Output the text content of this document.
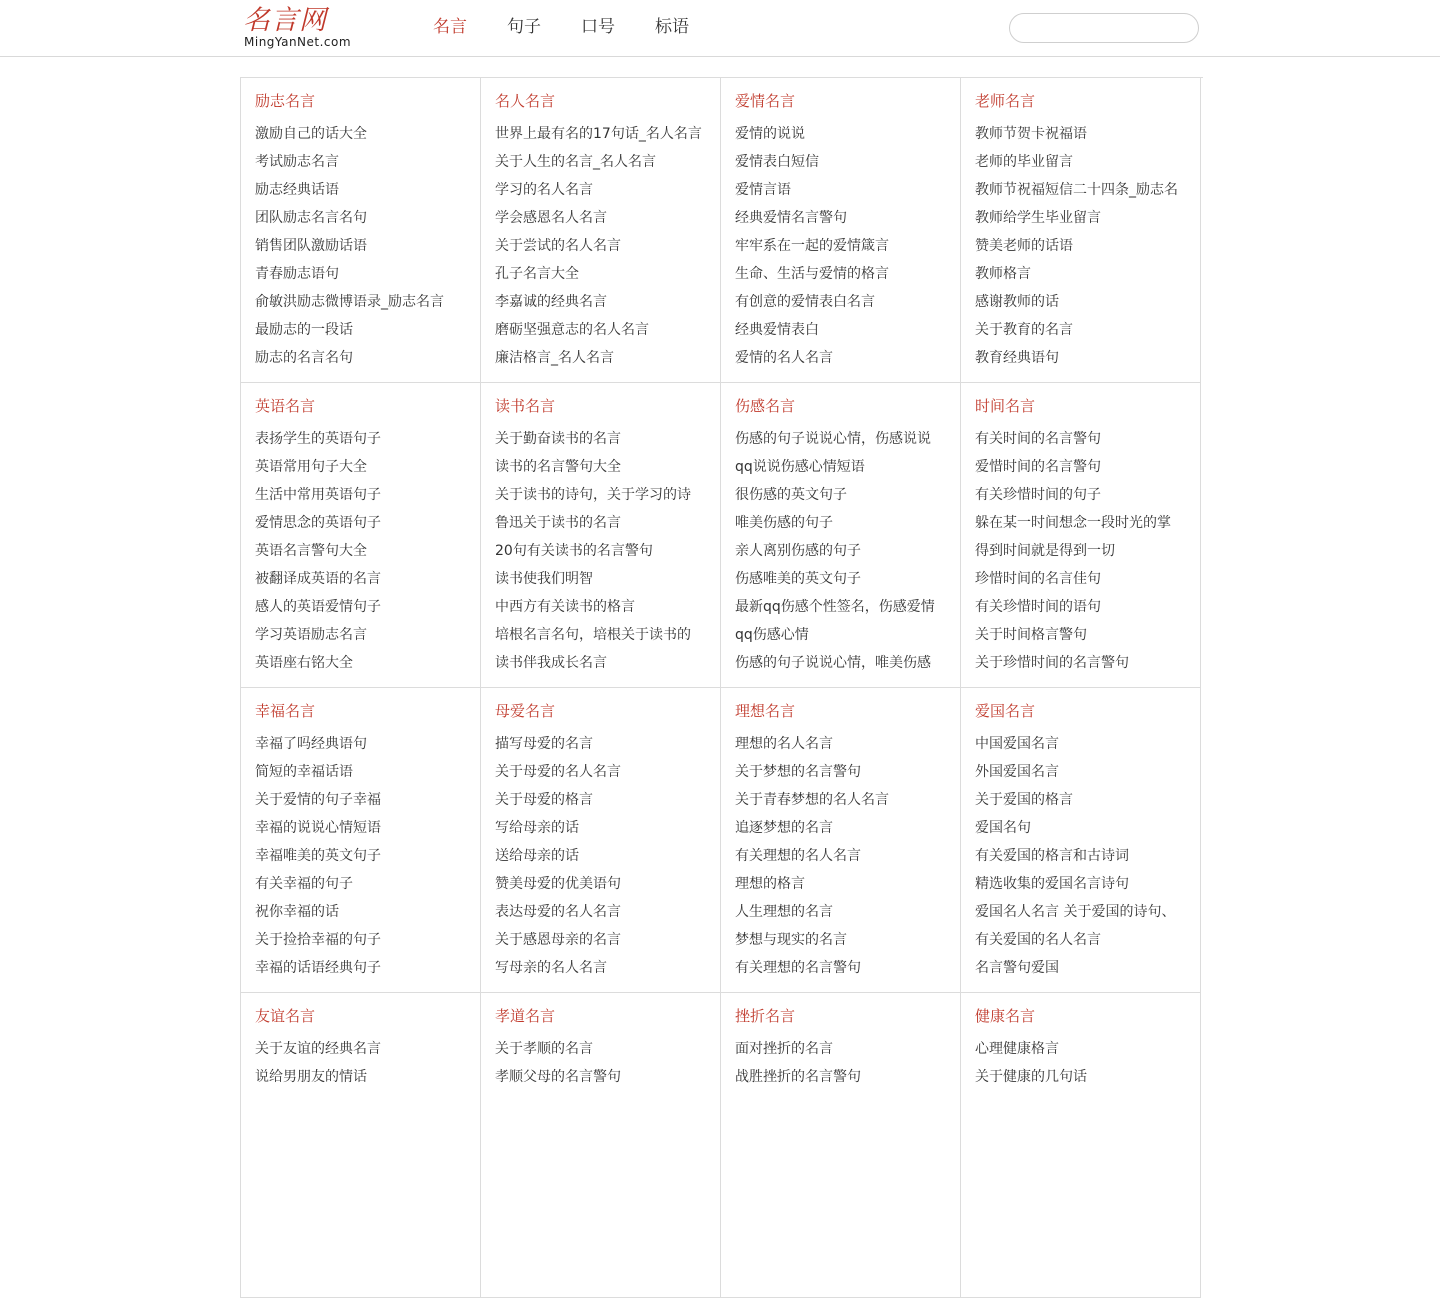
名言网
MingYanNet.com
名言 句子 口号 标语
励志名言
激励自己的话大全
考试励志名言
励志经典话语
团队励志名言名句
销售团队激励话语
青春励志语句
俞敏洪励志微博语录_励志名言
最励志的一段话
励志的名言名句
名人名言
世界上最有名的17句话_名人名言
关于人生的名言_名人名言
学习的名人名言
学会感恩名人名言
关于尝试的名人名言
孔子名言大全
李嘉诚的经典名言
磨砺坚强意志的名人名言
廉洁格言_名人名言
爱情名言
爱情的说说
爱情表白短信
爱情言语
经典爱情名言警句
牢牢系在一起的爱情箴言
生命、生活与爱情的格言
有创意的爱情表白名言
经典爱情表白
爱情的名人名言
老师名言
教师节贺卡祝福语
老师的毕业留言
教师节祝福短信二十四条_励志名
教师给学生毕业留言
赞美老师的话语
教师格言
感谢教师的话
关于教育的名言
教育经典语句
英语名言
表扬学生的英语句子
英语常用句子大全
生活中常用英语句子
爱情思念的英语句子
英语名言警句大全
被翻译成英语的名言
感人的英语爱情句子
学习英语励志名言
英语座右铭大全
读书名言
关于勤奋读书的名言
读书的名言警句大全
关于读书的诗句，关于学习的诗
鲁迅关于读书的名言
20句有关读书的名言警句
读书使我们明智
中西方有关读书的格言
培根名言名句，培根关于读书的
读书伴我成长名言
伤感名言
伤感的句子说说心情，伤感说说
qq说说伤感心情短语
很伤感的英文句子
唯美伤感的句子
亲人离别伤感的句子
伤感唯美的英文句子
最新qq伤感个性签名，伤感爱情
qq伤感心情
伤感的句子说说心情，唯美伤感
时间名言
有关时间的名言警句
爱惜时间的名言警句
有关珍惜时间的句子
躲在某一时间想念一段时光的掌
得到时间就是得到一切
珍惜时间的名言佳句
有关珍惜时间的语句
关于时间格言警句
关于珍惜时间的名言警句
幸福名言
幸福了吗经典语句
简短的幸福话语
关于爱情的句子幸福
幸福的说说心情短语
幸福唯美的英文句子
有关幸福的句子
祝你幸福的话
关于捡拾幸福的句子
幸福的话语经典句子
母爱名言
描写母爱的名言
关于母爱的名人名言
关于母爱的格言
写给母亲的话
送给母亲的话
赞美母爱的优美语句
表达母爱的名人名言
关于感恩母亲的名言
写母亲的名人名言
理想名言
理想的名人名言
关于梦想的名言警句
关于青春梦想的名人名言
追逐梦想的名言
有关理想的名人名言
理想的格言
人生理想的名言
梦想与现实的名言
有关理想的名言警句
爱国名言
中国爱国名言
外国爱国名言
关于爱国的格言
爱国名句
有关爱国的格言和古诗词
精选收集的爱国名言诗句
爱国名人名言 关于爱国的诗句、
有关爱国的名人名言
名言警句爱国
友谊名言
关于友谊的经典名言
说给男朋友的情话
孝道名言
关于孝顺的名言
孝顺父母的名言警句
挫折名言
面对挫折的名言
战胜挫折的名言警句
健康名言
心理健康格言
关于健康的几句话
